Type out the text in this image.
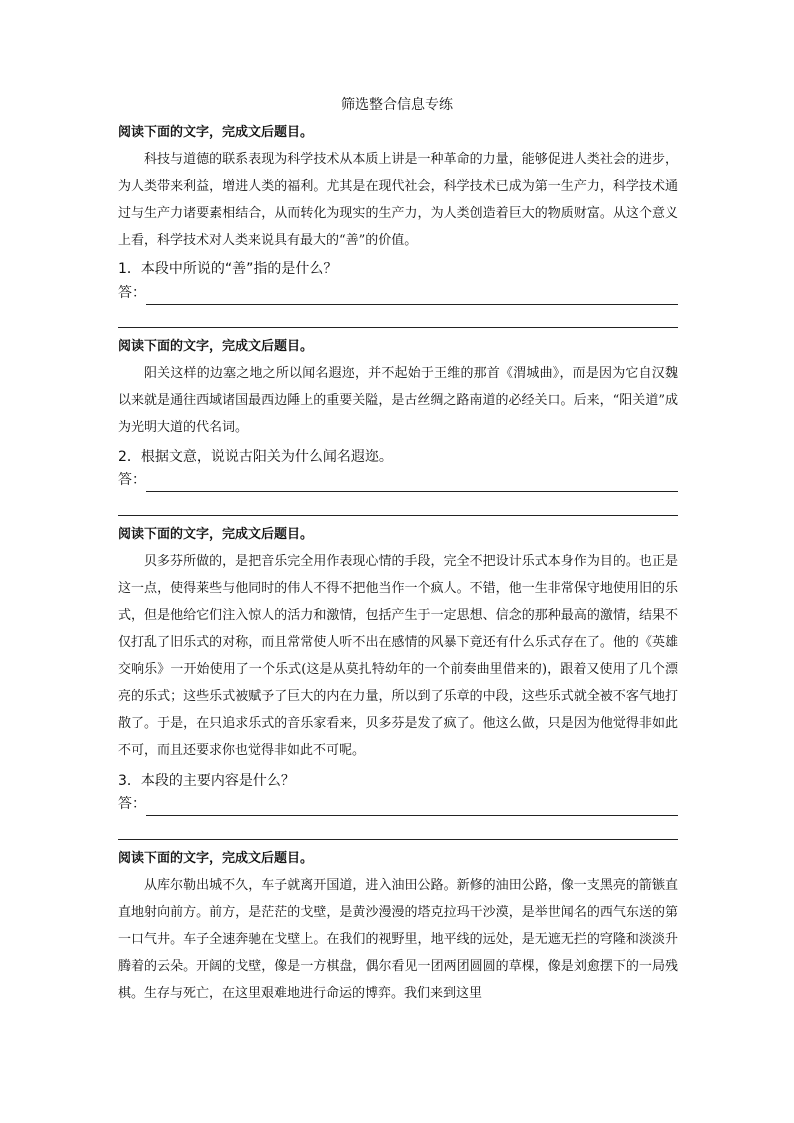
筛选整合信息专练
阅读下面的文字，完成文后题目。

科技与道德的联系表现为科学技术从本质上讲是一种革命的力量，能够促进人类社会的进步，为人类带来利益，增进人类的福利。尤其是在现代社会，科学技术已成为第一生产力，科学技术通过与生产力诸要素相结合，从而转化为现实的生产力，为人类创造着巨大的物质财富。从这个意义上看，科学技术对人类来说具有最大的“善”的价值。

1．本段中所说的“善”指的是什么？
答：
阅读下面的文字，完成文后题目。

阳关这样的边塞之地之所以闻名遐迩，并不起始于王维的那首《渭城曲》，而是因为它自汉魏以来就是通往西域诸国最西边陲上的重要关隘，是古丝绸之路南道的必经关口。后来，“阳关道”成为光明大道的代名词。

2．根据文意，说说古阳关为什么闻名遐迩。
答：
阅读下面的文字，完成文后题目。

贝多芬所做的，是把音乐完全用作表现心情的手段，完全不把设计乐式本身作为目的。也正是这一点，使得莱些与他同时的伟人不得不把他当作一个疯人。不错，他一生非常保守地使用旧的乐式，但是他给它们注入惊人的活力和激情，包括产生于一定思想、信念的那种最高的激情，结果不仅打乱了旧乐式的对称，而且常常使人听不出在感情的风暴下竟还有什么乐式存在了。他的《英雄交响乐》一开始使用了一个乐式(这是从莫扎特幼年的一个前奏曲里借来的)，跟着又使用了几个漂亮的乐式；这些乐式被赋予了巨大的内在力量，所以到了乐章的中段，这些乐式就全被不客气地打散了。于是，在只追求乐式的音乐家看来，贝多芬是发了疯了。他这么做，只是因为他觉得非如此不可，而且还要求你也觉得非如此不可呢。

3．本段的主要内容是什么？
答：
阅读下面的文字，完成文后题目。

从库尔勒出城不久，车子就离开国道，进入油田公路。新修的油田公路，像一支黑亮的箭镞直直地射向前方。前方，是茫茫的戈壁，是黄沙漫漫的塔克拉玛干沙漠，是举世闻名的西气东送的第一口气井。车子全速奔驰在戈壁上。在我们的视野里，地平线的远处，是无遮无拦的穹隆和淡淡升腾着的云朵。开阔的戈壁，像是一方棋盘，偶尔看见一团两团圆圆的草棵，像是刘愈摆下的一局残棋。生存与死亡，在这里艰难地进行命运的博弈。我们来到这里
